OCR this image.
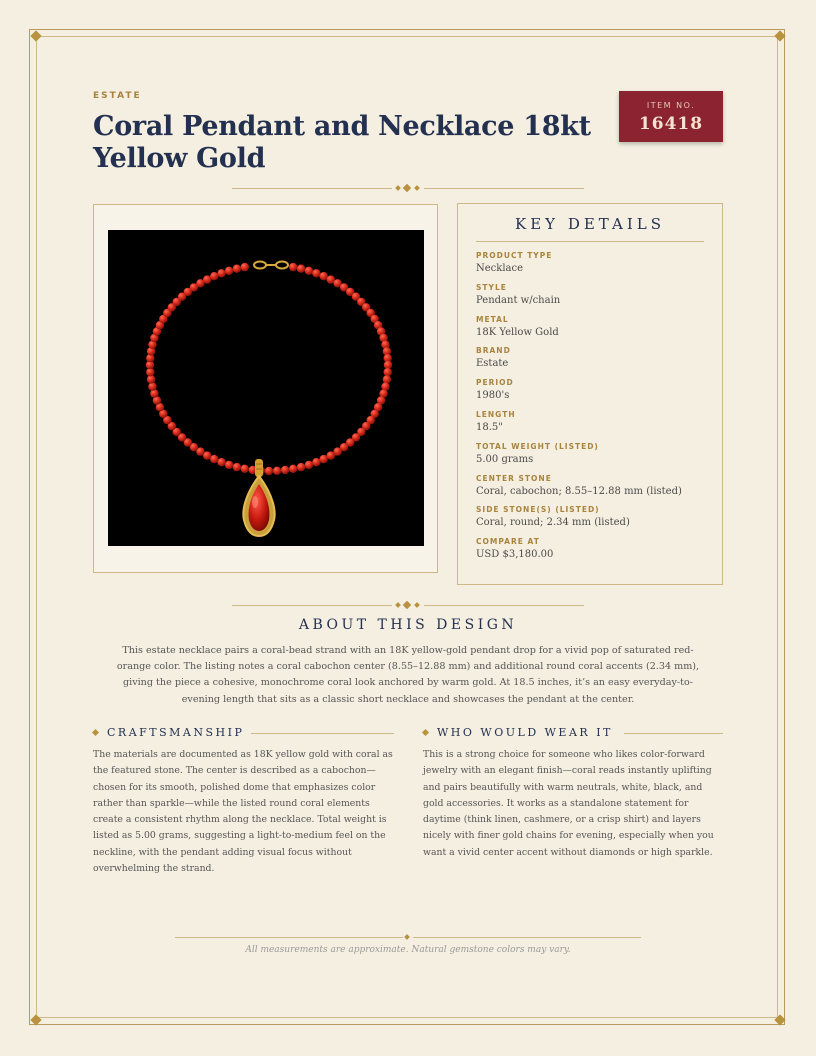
ESTATE
Coral Pendant and Necklace 18kt Yellow Gold
ITEM NO.
16418
KEY DETAILS
PRODUCT TYPE
Necklace
STYLE
Pendant w/chain
METAL
18K Yellow Gold
BRAND
Estate
PERIOD
1980's
LENGTH
18.5"
TOTAL WEIGHT (LISTED)
5.00 grams
CENTER STONE
Coral, cabochon; 8.55–12.88 mm (listed)
SIDE STONE(S) (LISTED)
Coral, round; 2.34 mm (listed)
COMPARE AT
USD $3,180.00
ABOUT THIS DESIGN

This estate necklace pairs a coral-bead strand with an 18K yellow-gold pendant drop for a vivid pop of saturated red-orange color. The listing notes a coral cabochon center (8.55–12.88 mm) and additional round coral accents (2.34 mm), giving the piece a cohesive, monochrome coral look anchored by warm gold. At 18.5 inches, it’s an easy everyday-to-evening length that sits as a classic short necklace and showcases the pendant at the center.

CRAFTSMANSHIP

The materials are documented as 18K yellow gold with coral as the featured stone. The center is described as a cabochon—chosen for its smooth, polished dome that emphasizes color rather than sparkle—while the listed round coral elements create a consistent rhythm along the necklace. Total weight is listed as 5.00 grams, suggesting a light-to-medium feel on the neckline, with the pendant adding visual focus without overwhelming the strand.

WHO WOULD WEAR IT

This is a strong choice for someone who likes color-forward jewelry with an elegant finish—coral reads instantly uplifting and pairs beautifully with warm neutrals, white, black, and gold accessories. It works as a standalone statement for daytime (think linen, cashmere, or a crisp shirt) and layers nicely with finer gold chains for evening, especially when you want a vivid center accent without diamonds or high sparkle.

All measurements are approximate. Natural gemstone colors may vary.
